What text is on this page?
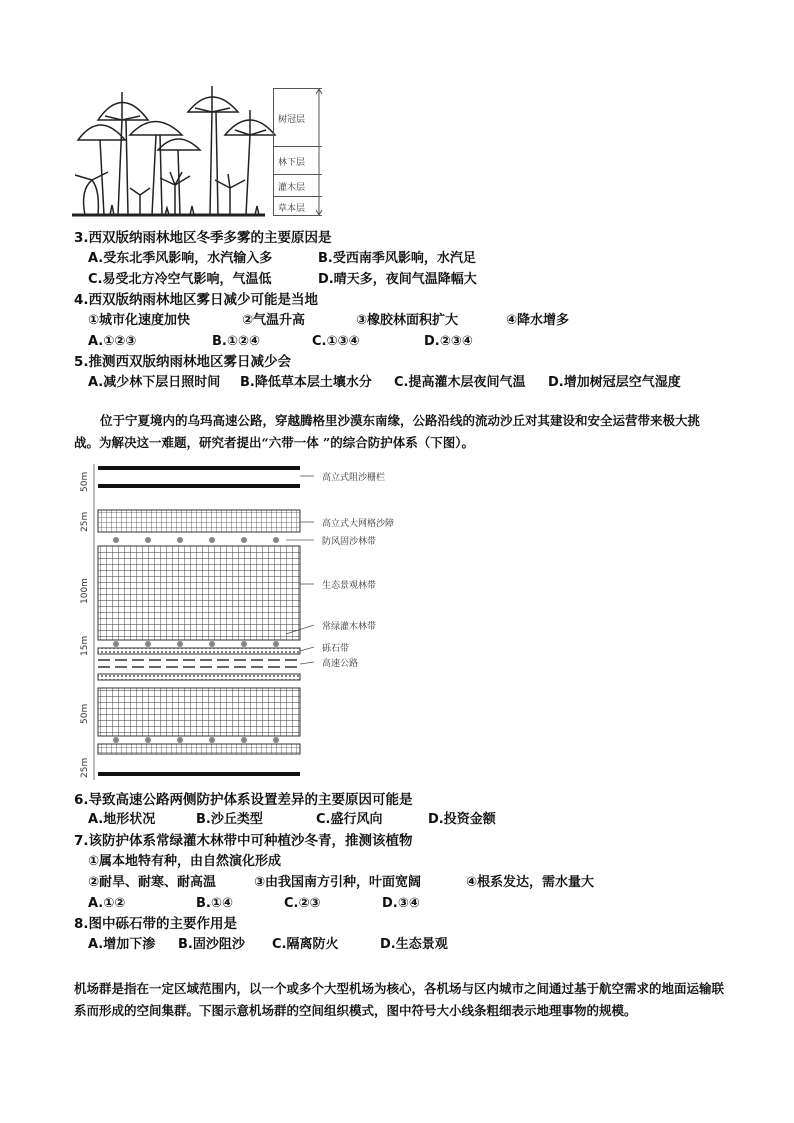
树冠层
林下层
灌木层
草本层
3.西双版纳雨林地区冬季多雾的主要原因是
A.受东北季风影响，水汽输入多	B.受西南季风影响，水汽足
C.易受北方冷空气影响，气温低	D.晴天多，夜间气温降幅大
4.西双版纳雨林地区雾日减少可能是当地
①城市化速度加快	②气温升高	③橡胶林面积扩大	④降水增多
A.①②③	B.①②④	C.①③④	D.②③④
5.推测西双版纳雨林地区雾日减少会
A.减少林下层日照时间 B.降低草本层土壤水分 C.提高灌木层夜间气温 D.增加树冠层空气湿度
位于宁夏境内的乌玛高速公路，穿越腾格里沙漠东南缘，公路沿线的流动沙丘对其建设和安全运营带来极大挑战。为解决这一难题，研究者提出“六带一体 ”的综合防护体系（下图）。
高立式阻沙栅栏
高立式大网格沙障
防风固沙林带
生态景观林带
常绿灌木林带
砾石带
高速公路
50m
25m
100m
15m
50m
25m
6.导致高速公路两侧防护体系设置差异的主要原因可能是
A.地形状况	B.沙丘类型	C.盛行风向	D.投资金额
7.该防护体系常绿灌木林带中可种植沙冬青，推测该植物
①属本地特有种，由自然演化形成
②耐旱、耐寒、耐高温	③由我国南方引种，叶面宽阔	④根系发达，需水量大
A.①②	B.①④	C.②③	D.③④
8.图中砾石带的主要作用是
A.增加下渗 B.固沙阻沙 C.隔离防火	D.生态景观
机场群是指在一定区域范围内，以一个或多个大型机场为核心，各机场与区内城市之间通过基于航空需求的地面运输联系而形成的空间集群。下图示意机场群的空间组织模式，图中符号大小线条粗细表示地理事物的规模。
